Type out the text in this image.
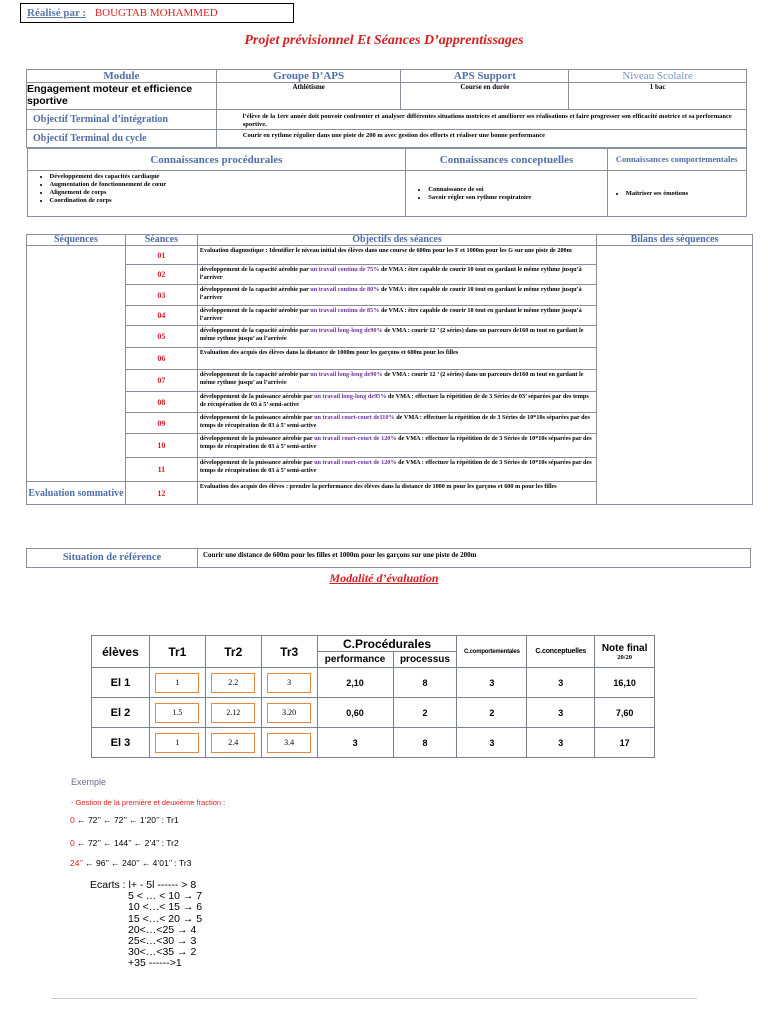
Réalisé par : BOUGTAB MOHAMMED
Projet prévisionnel Et Séances D’apprentissages
Module	Groupe D’APS	APS Support	Niveau Scolaire
Engagement moteur et efficience sportive	Athlétisme	Course en durée	1 bac
Objectif Terminal d’intégration	l’élève de la 1ere année doit pouvoir confronter et analyser différentes situations motrices et améliorer ses réalisations et faire progresser son efficacité motrice et sa performance sportive.
Objectif Terminal du cycle	Courir en rythme régulier dans une piste de 200 m avec gestion des efforts et réaliser une bonne performance

Connaissances procédurales	Connaissances conceptuelles	Connaissances comportementales

• Développement des capacités cardiaque
• Augmentation de fonctionnement de cœur
• Alignement de corps
• Coordination de corps

• Connaissance de soi
• Savoir régler son rythme respiratoire

• Maitriser ses émotions
Séquences	Séances	Objectifs des séances	Bilans des séquences
	01	Evaluation diagnostique : Identifier le niveau initial des élèves dans une course de 600m pour les F et 1000m pour les G sur une piste de 200m	
	02	développement de la capacité aérobie par un travail continu de 75% de VMA : être capable de courir 10 tout en gardant le même rythme jusqu’à l’arriver	
	03	développement de la capacité aérobie par un travail continu de 80% de VMA : être capable de courir 10 tout en gardant le même rythme jusqu’à l’arriver	
	04	développement de la capacité aérobie par un travail continu de 85% de VMA : être capable de courir 10 tout en gardant le même rythme jusqu’à l’arriver	
	05	développement de la capacité aérobie par un travail long-long de90% de VMA : courir 12 ’ (2 séries) dans un parcours de160 m tout en gardant le même rythme jusqu’ au l’arrivée	
	06	Evaluation des acquis des élèves dans la distance de 1000m pour les garçons et 600m pour les filles	
	07	développement de la capacité aérobie par un travail long-long de90% de VMA : courir 12 ’ (2 séries) dans un parcours de160 m tout en gardant le même rythme jusqu’ au l’arrivée	
	08	développement de la puissance aérobie par un travail long-long de95% de VMA : effectuer la répétition de de 3 Séries de 03’ séparées par des temps de récupération de 03 à 5’ semi-active	
	09	développement de la puissance aérobie par un travail court-court de110% de VMA : effectuer la répétition de de 3 Séries de 10*10s séparées par des temps de récupération de 03 à 5’ semi-active	
	10	développement de la puissance aérobie par un travail court-court de 120% de VMA : effectuer la répétition de de 3 Séries de 10*10s séparées par des temps de récupération de 03 à 5’ semi-active	
	11	développement de la puissance aérobie par un travail court-court de 120% de VMA : effectuer la répétition de de 3 Séries de 10*10s séparées par des temps de récupération de 03 à 5’ semi-active	
Evaluation sommative	12	Evaluation des acquis des élèves : prendre la performance des élèves dans la distance de 1000 m pour les garçons et 600 m pour les filles	
Situation de référence	Courir une distance de 600m pour les filles et 1000m pour les garçons sur une piste de 200m
Modalité d’évaluation
élèves	Tr1	Tr2	Tr3	C.Procédurales		C.comportementales	C.conceptuelles	Note final
20/20

				performance	processus			
El 1	1	2.2	3	2,10	8	3	3	16,10
El 2	1.5	2.12	3.20	0,60	2	2	3	7,60
El 3	1	2.4	3.4	3	8	3	3	17
Exemple
- Gestion de la première et deuxième fraction :
0 ← 72’’ ← 72’’ ← 1’20’’ : Tr1
0 ← 72’’ ← 144’’ ← 2’4’’ : Tr2
24’’ ← 96’’ ← 240’’ ← 4’01’’ : Tr3
Ecarts : l+ - 5l ------ > 8
5 < … < 10 → 7
10 <…< 15 → 6
15 <…< 20 → 5
20<…<25 → 4
25<…<30 → 3
30<…<35 → 2
+35 ------>1
